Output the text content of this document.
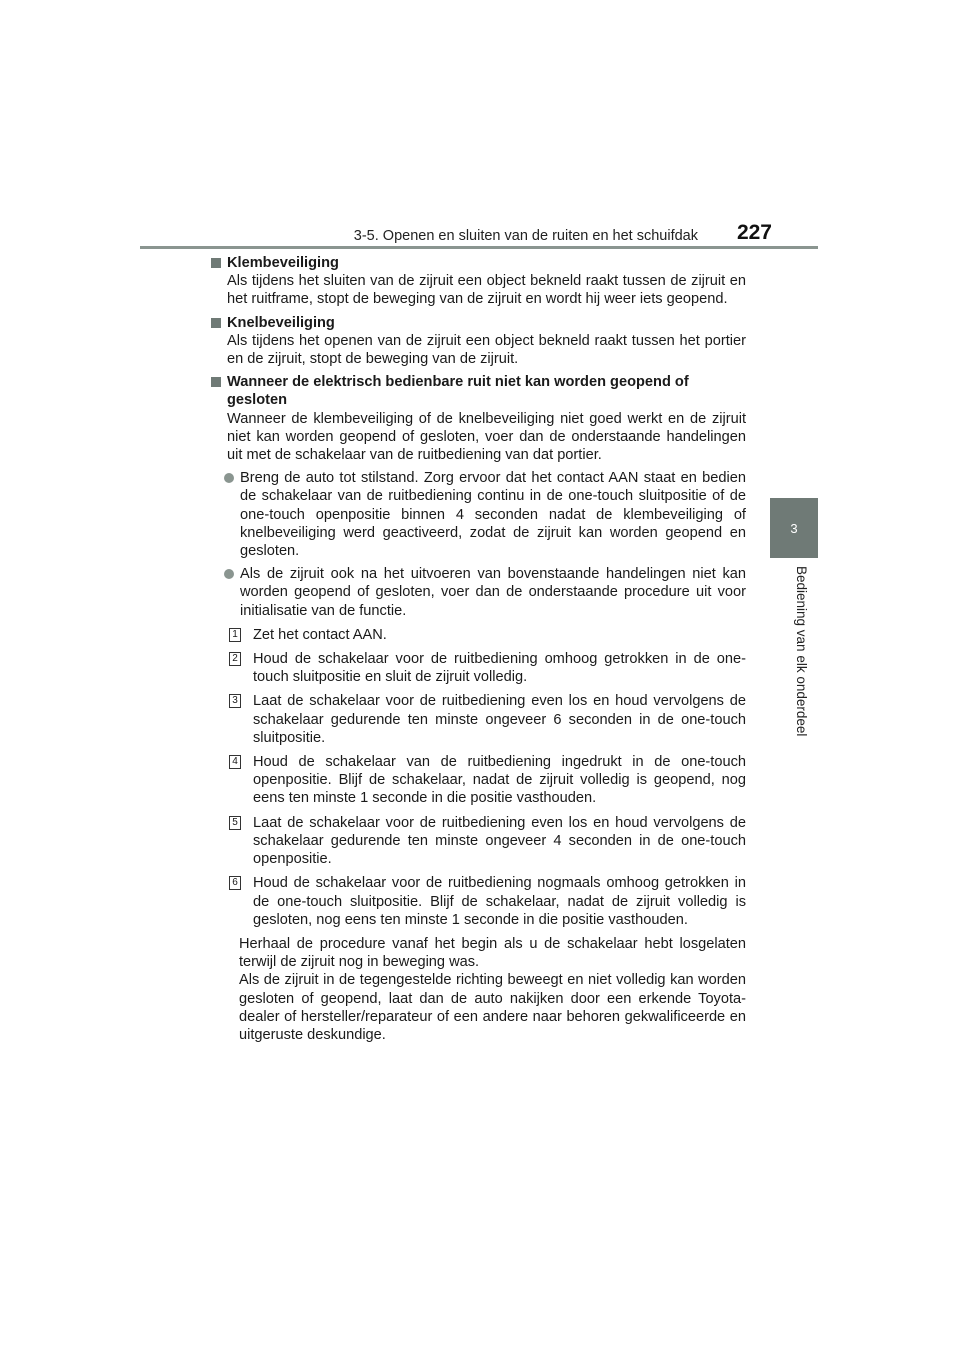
3-5. Openen en sluiten van de ruiten en het schuifdak 227
3
Bediening van elk onderdeel
Klembeveiliging
Als tijdens het sluiten van de zijruit een object bekneld raakt tussen de zijruit en het ruitframe, stopt de beweging van de zijruit en wordt hij weer iets geopend.
Knelbeveiliging
Als tijdens het openen van de zijruit een object bekneld raakt tussen het portier en de zijruit, stopt de beweging van de zijruit.
Wanneer de elektrisch bedienbare ruit niet kan worden geopend of gesloten
Wanneer de klembeveiliging of de knelbeveiliging niet goed werkt en de zijruit niet kan worden geopend of gesloten, voer dan de onderstaande handelingen uit met de schakelaar van de ruitbediening van dat portier.
Breng de auto tot stilstand. Zorg ervoor dat het contact AAN staat en bedien de schakelaar van de ruitbediening continu in de one-touch sluitpositie of de one-touch openpositie binnen 4 seconden nadat de klembeveiliging of knelbeveiliging werd geactiveerd, zodat de zijruit kan worden geopend en gesloten.
Als de zijruit ook na het uitvoeren van bovenstaande handelingen niet kan worden geopend of gesloten, voer dan de onderstaande procedure uit voor initialisatie van de functie.
1 Zet het contact AAN.
2 Houd de schakelaar voor de ruitbediening omhoog getrokken in de one-touch sluitpositie en sluit de zijruit volledig.
3 Laat de schakelaar voor de ruitbediening even los en houd vervolgens de schakelaar gedurende ten minste ongeveer 6 seconden in de one-touch sluitpositie.
4 Houd de schakelaar van de ruitbediening ingedrukt in de one-touch openpositie. Blijf de schakelaar, nadat de zijruit volledig is geopend, nog eens ten minste 1 seconde in die positie vasthouden.
5 Laat de schakelaar voor de ruitbediening even los en houd vervolgens de schakelaar gedurende ten minste ongeveer 4 seconden in de one-touch openpositie.
6 Houd de schakelaar voor de ruitbediening nogmaals omhoog getrokken in de one-touch sluitpositie. Blijf de schakelaar, nadat de zijruit volledig is gesloten, nog eens ten minste 1 seconde in die positie vasthouden.
Herhaal de procedure vanaf het begin als u de schakelaar hebt losgelaten terwijl de zijruit nog in beweging was.
Als de zijruit in de tegengestelde richting beweegt en niet volledig kan worden gesloten of geopend, laat dan de auto nakijken door een erkende Toyota-dealer of hersteller/reparateur of een andere naar behoren gekwalificeerde en uitgeruste deskundige.
